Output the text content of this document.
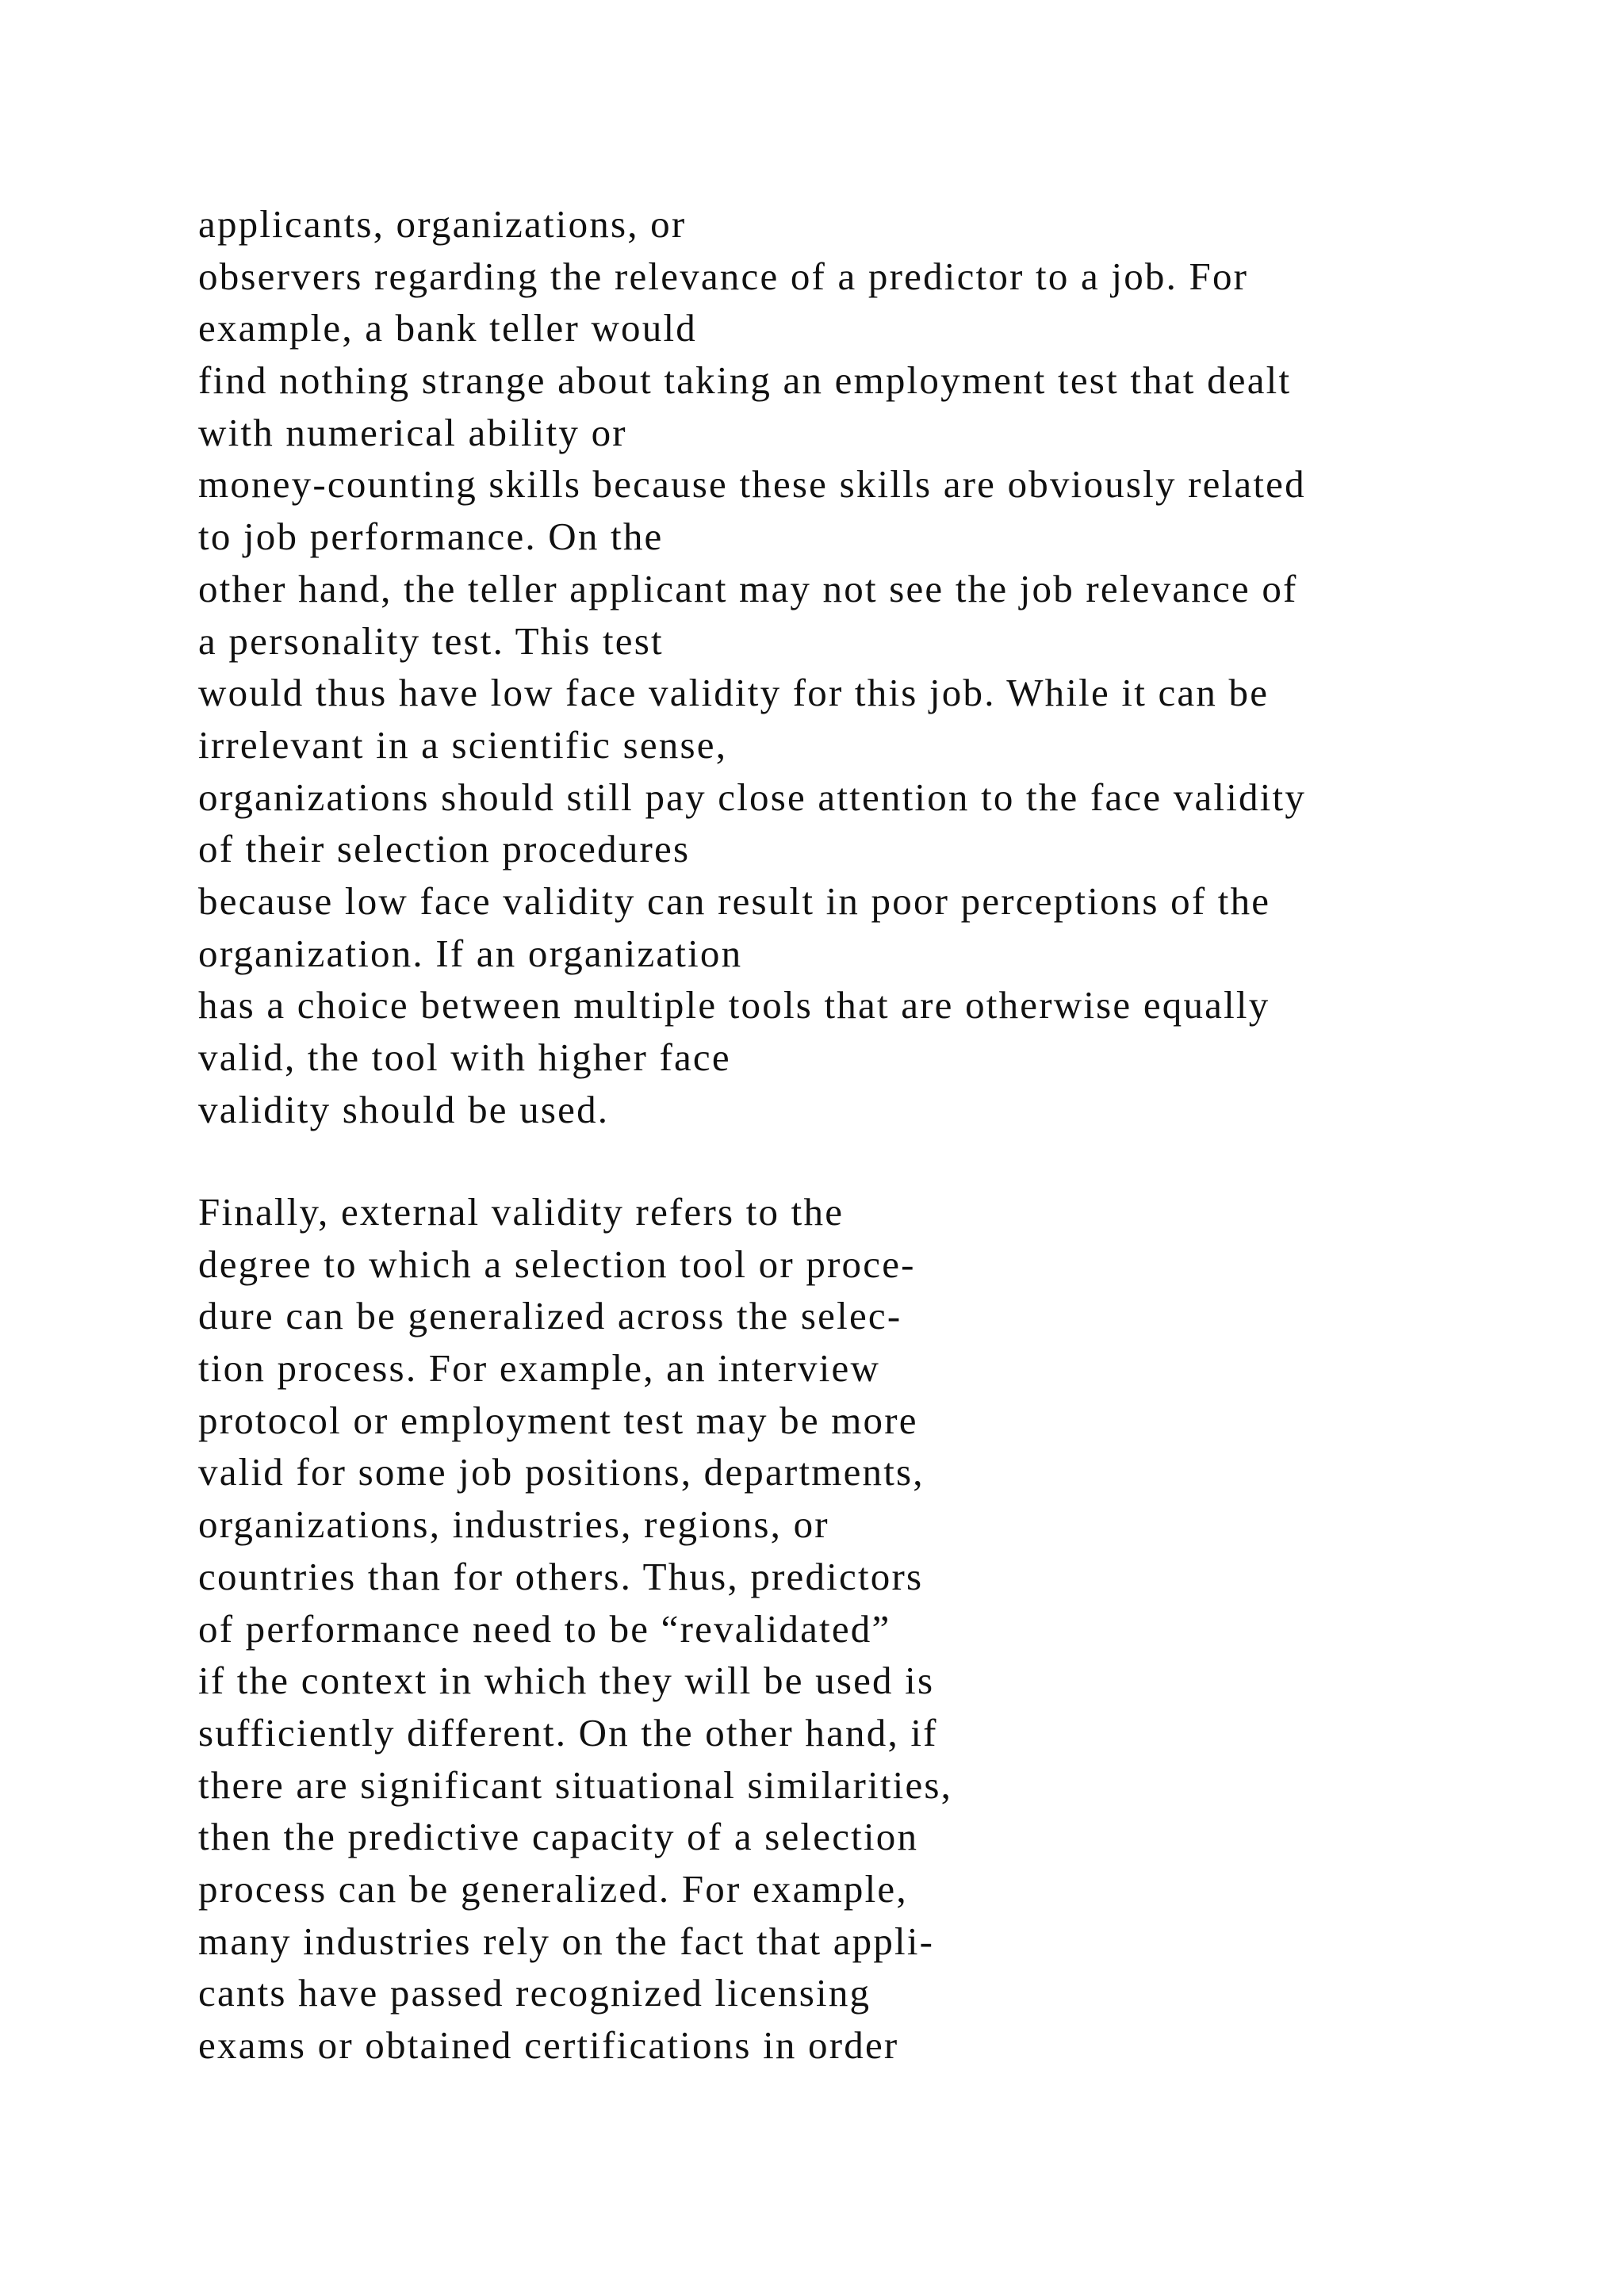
applicants, organizations, or
observers regarding the relevance of a predictor to a job. For
example, a bank teller would
find nothing strange about taking an employment test that dealt
with numerical ability or
money-counting skills because these skills are obviously related
to job performance. On the
other hand, the teller applicant may not see the job relevance of
a personality test. This test
would thus have low face validity for this job. While it can be
irrelevant in a scientific sense,
organizations should still pay close attention to the face validity
of their selection procedures
because low face validity can result in poor perceptions of the
organization. If an organization
has a choice between multiple tools that are otherwise equally
valid, the tool with higher face
validity should be used.
Finally, external validity refers to the
degree to which a selection tool or proce-
dure can be generalized across the selec-
tion process. For example, an interview
protocol or employment test may be more
valid for some job positions, departments,
organizations, industries, regions, or
countries than for others. Thus, predictors
of performance need to be “revalidated”
if the context in which they will be used is
sufficiently different. On the other hand, if
there are significant situational similarities,
then the predictive capacity of a selection
process can be generalized. For example,
many industries rely on the fact that appli-
cants have passed recognized licensing
exams or obtained certifications in order
